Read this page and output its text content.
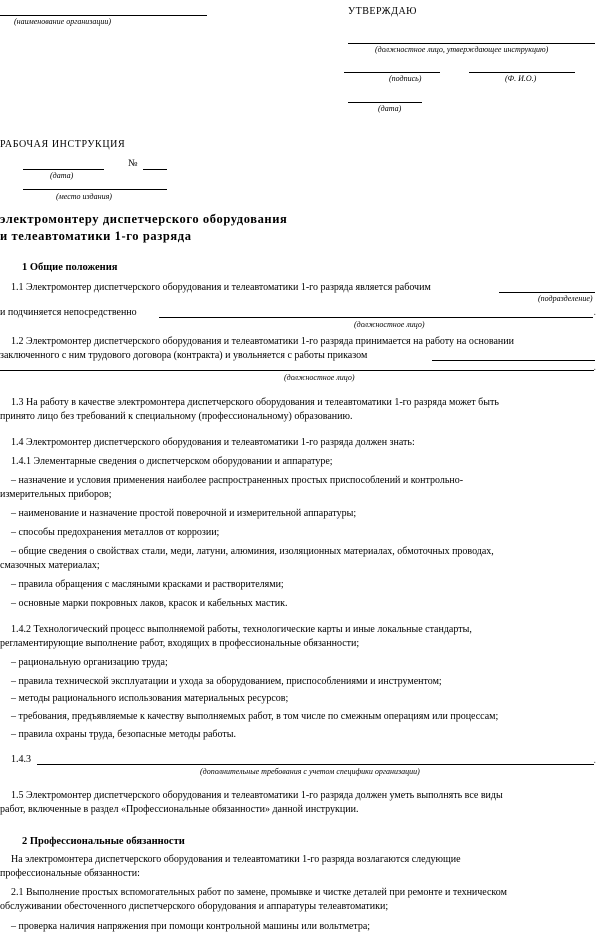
(наименование организации)
УТВЕРЖДАЮ
(должностное лицо, утверждающее инструкцию)
(подпись)	(Ф. И.О.)
(дата)
РАБОЧАЯ ИНСТРУКЦИЯ
№
(дата)
(место издания)
электромонтеру диспетчерского оборудования
и телеавтоматики 1-го разряда
1 Общие положения
1.1 Электромонтер диспетчерского оборудования и телеавтоматики 1-го разряда является рабочим
(подразделение)
и подчиняется непосредственно	.
(должностное лицо)
1.2 Электромонтер диспетчерского оборудования и телеавтоматики 1-го разряда принимается на работу на основании
заключенного с ним трудового договора (контракта) и увольняется с работы приказом
.
(должностное лицо)
1.3 На работу в качестве электромонтера диспетчерского оборудования и телеавтоматики 1-го разряда может быть
принято лицо без требований к специальному (профессиональному) образованию.
1.4 Электромонтер диспетчерского оборудования и телеавтоматики 1-го разряда должен знать:
1.4.1 Элементарные сведения о диспетчерском оборудовании и аппаратуре;
– назначение и условия применения наиболее распространенных простых приспособлений и контрольно-
измерительных приборов;
– наименование и назначение простой поверочной и измерительной аппаратуры;
– способы предохранения металлов от коррозии;
– общие сведения о свойствах стали, меди, латуни, алюминия, изоляционных материалах, обмоточных проводах,
смазочных материалах;
– правила обращения с масляными красками и растворителями;
– основные марки покровных лаков, красок и кабельных мастик.
1.4.2 Технологический процесс выполняемой работы, технологические карты и иные локальные стандарты,
регламентирующие выполнение работ, входящих в профессиональные обязанности;
– рациональную организацию труда;
– правила технической эксплуатации и ухода за оборудованием, приспособлениями и инструментом;
– методы рационального использования материальных ресурсов;
– требования, предъявляемые к качеству выполняемых работ, в том числе по смежным операциям или процессам;
– правила охраны труда, безопасные методы работы.
1.4.3	.
(дополнительные требования с учетом специфики организации)
1.5 Электромонтер диспетчерского оборудования и телеавтоматики 1-го разряда должен уметь выполнять все виды
работ, включенные в раздел «Профессиональные обязанности» данной инструкции.
2 Профессиональные обязанности
На электромонтера диспетчерского оборудования и телеавтоматики 1-го разряда возлагаются следующие
профессиональные обязанности:
2.1 Выполнение простых вспомогательных работ по замене, промывке и чистке деталей при ремонте и техническом
обслуживании обесточенного диспетчерского оборудования и аппаратуры телеавтоматики;
– проверка наличия напряжения при помощи контрольной машины или вольтметра;
